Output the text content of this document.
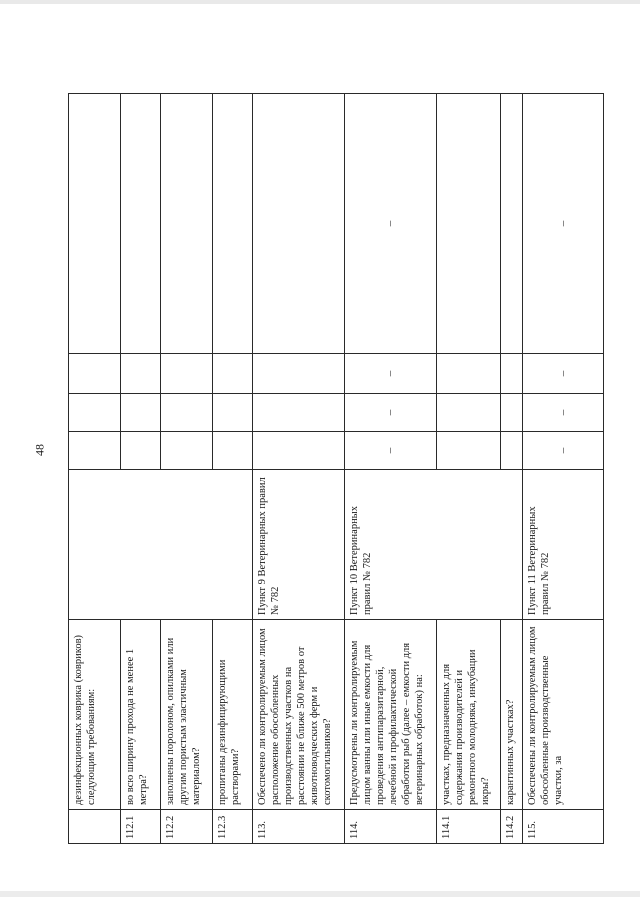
48
	дезинфекционных коврика (ковриков) следующим требованиям:					
112.1	во всю ширину прохода не менее 1 метра?					
112.2	заполнены поролоном, опилками или другим пористым эластичным материалом?					
112.3	пропитаны дезинфицирующими растворами?					
113.	Обеспечено ли контролируемым лицом расположение обособленных производственных участков на расстоянии не ближе 500 метров от животноводческих ферм и скотомогильников?	Пункт 9 Ветеринарных правил № 782				
114.	Предусмотрены ли контролируемым лицом ванны или иные емкости для проведения антипаразитарной, лечебной и профилактической обработки рыб (далее – емкости для ветеринарных обработок) на:	Пункт 10 Ветеринарных правил № 782	–	–	–	–
114.1	участках, предназначенных для содержания производителей и ремонтного молодняка, инкубации икры?					
114.2	карантинных участках?					
115.	Обеспечены ли контролируемым лицом обособленные производственные участки, за	Пункт 11 Ветеринарных правил № 782	–	–	–	–
